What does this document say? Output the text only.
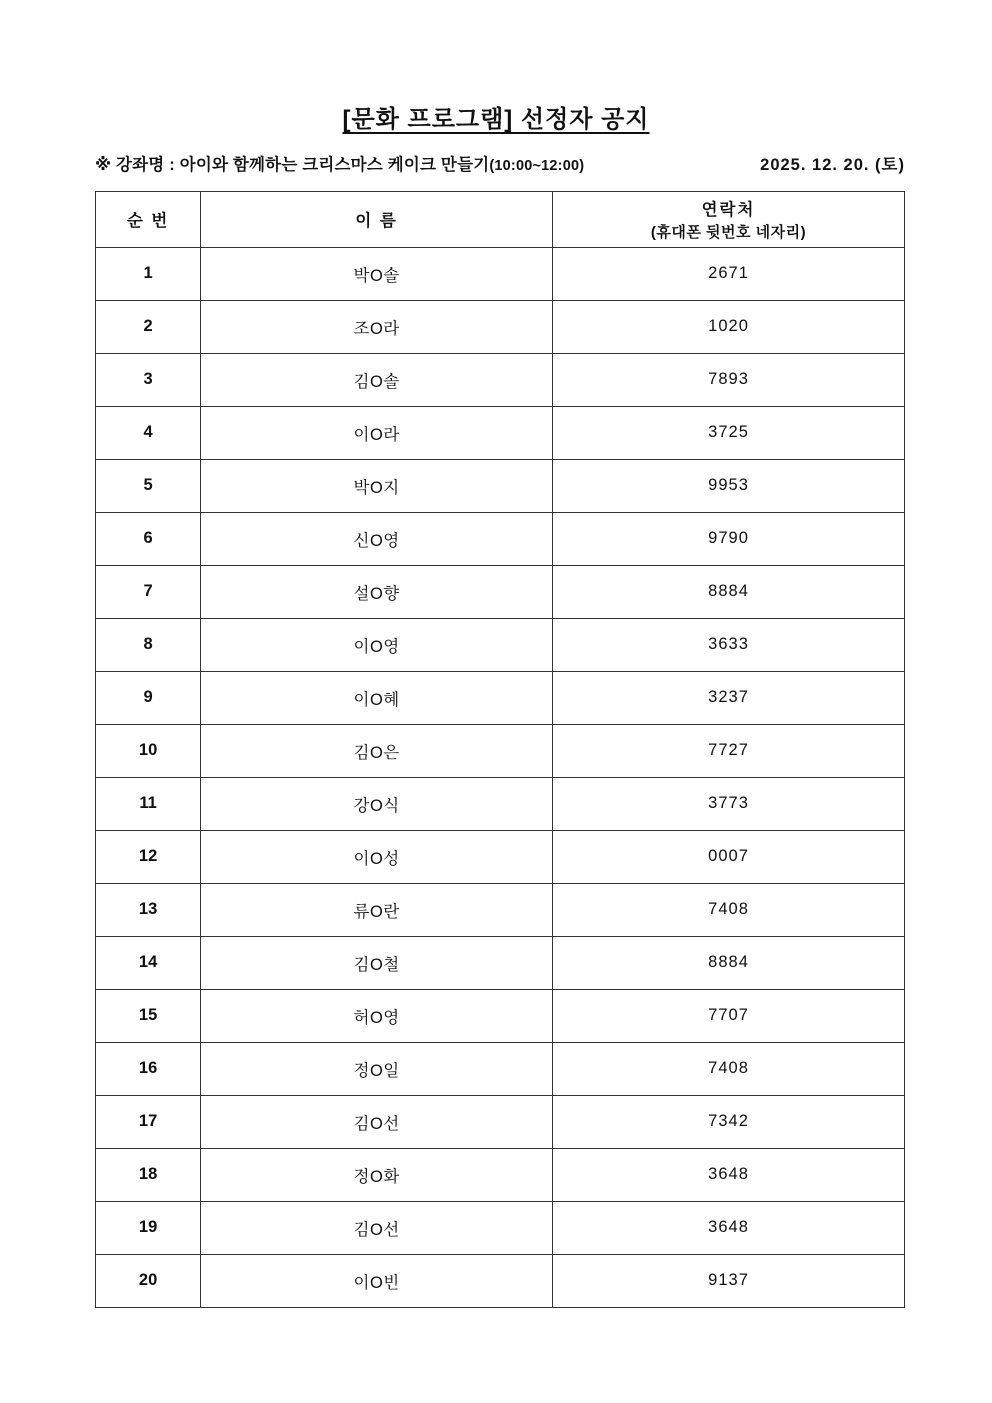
[문화 프로그램] 선정자 공지
※ 강좌명 : 아이와 함께하는 크리스마스 케이크 만들기(10:00~12:00)	2025. 12. 20. (토)
순 번	이 름	연락처
(휴대폰 뒷번호 네자리)

1	박O솔	2671
2	조O라	1020
3	김O솔	7893
4	이O라	3725
5	박O지	9953
6	신O영	9790
7	설O향	8884
8	이O영	3633
9	이O혜	3237
10	김O은	7727
11	강O식	3773
12	이O성	0007
13	류O란	7408
14	김O철	8884
15	허O영	7707
16	정O일	7408
17	김O선	7342
18	정O화	3648
19	김O선	3648
20	이O빈	9137
